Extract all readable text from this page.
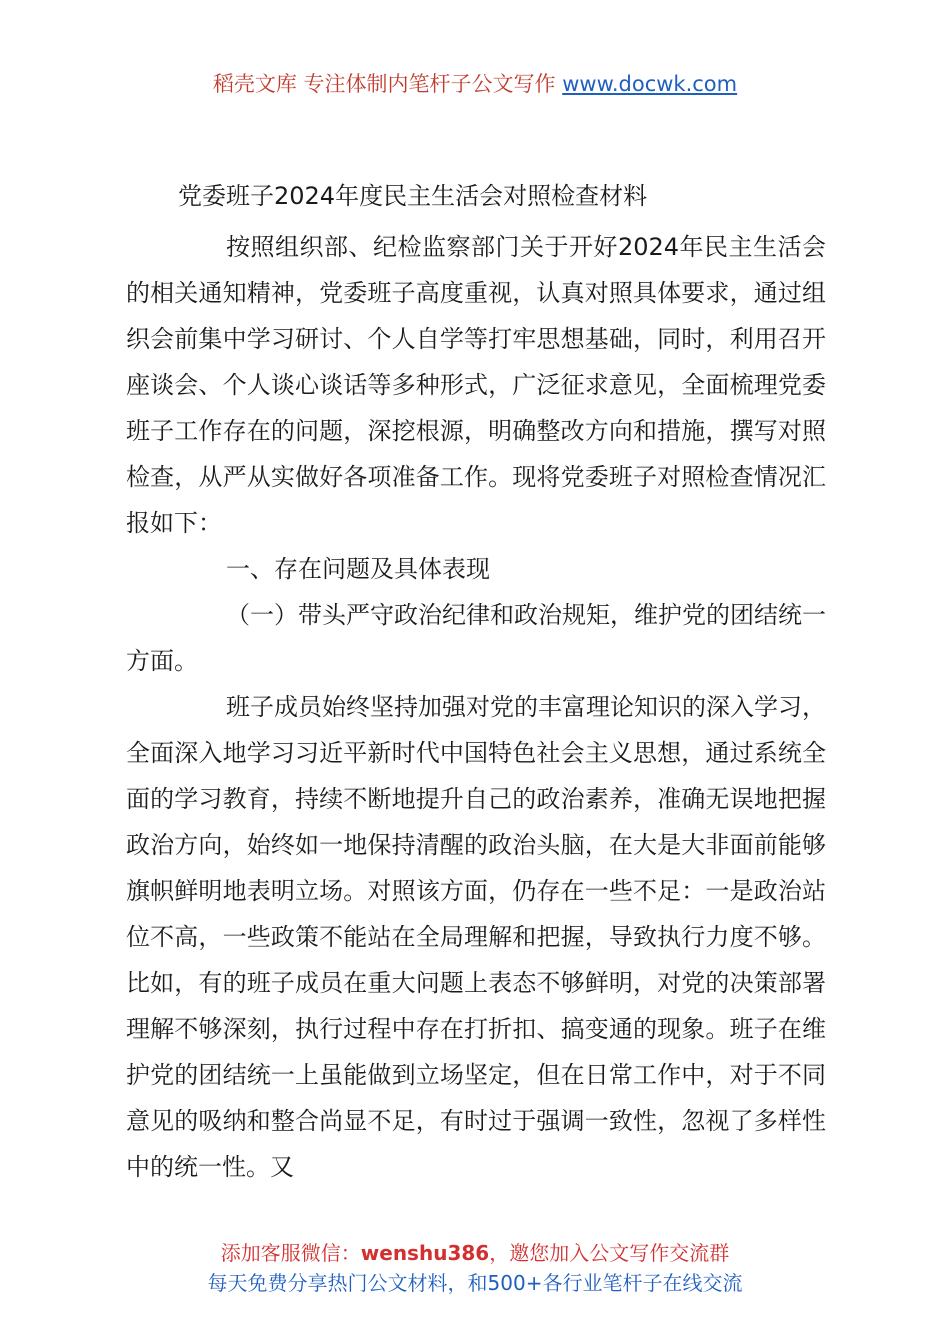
稻壳文库 专注体制内笔杆子公文写作 www.docwk.com
党委班子2024年度民主生活会对照检查材料

按照组织部、纪检监察部门关于开好2024年民主生活会的相关通知精神，党委班子高度重视，认真对照具体要求，通过组织会前集中学习研讨、个人自学等打牢思想基础，同时，利用召开座谈会、个人谈心谈话等多种形式，广泛征求意见，全面梳理党委班子工作存在的问题，深挖根源，明确整改方向和措施，撰写对照检查，从严从实做好各项准备工作。现将党委班子对照检查情况汇报如下：

一、存在问题及具体表现

（一）带头严守政治纪律和政治规矩，维护党的团结统一方面。

班子成员始终坚持加强对党的丰富理论知识的深入学习，全面深入地学习习近平新时代中国特色社会主义思想，通过系统全面的学习教育，持续不断地提升自己的政治素养，准确无误地把握政治方向，始终如一地保持清醒的政治头脑，在大是大非面前能够旗帜鲜明地表明立场。对照该方面，仍存在一些不足：一是政治站位不高，一些政策不能站在全局理解和把握，导致执行力度不够。比如，有的班子成员在重大问题上表态不够鲜明，对党的决策部署理解不够深刻，执行过程中存在打折扣、搞变通的现象。班子在维护党的团结统一上虽能做到立场坚定，但在日常工作中，对于不同意见的吸纳和整合尚显不足，有时过于强调一致性，忽视了多样性中的统一性。又

添加客服微信：wenshu386，邀您加入公文写作交流群
每天免费分享热门公文材料，和500+各行业笔杆子在线交流
